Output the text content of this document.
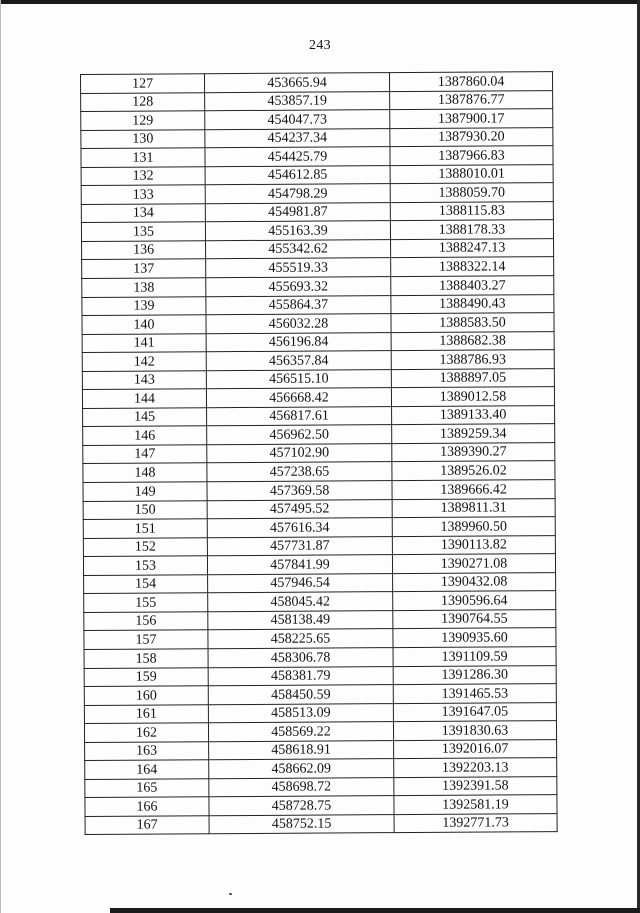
243
127	453665.94	1387860.04
128	453857.19	1387876.77
129	454047.73	1387900.17
130	454237.34	1387930.20
131	454425.79	1387966.83
132	454612.85	1388010.01
133	454798.29	1388059.70
134	454981.87	1388115.83
135	455163.39	1388178.33
136	455342.62	1388247.13
137	455519.33	1388322.14
138	455693.32	1388403.27
139	455864.37	1388490.43
140	456032.28	1388583.50
141	456196.84	1388682.38
142	456357.84	1388786.93
143	456515.10	1388897.05
144	456668.42	1389012.58
145	456817.61	1389133.40
146	456962.50	1389259.34
147	457102.90	1389390.27
148	457238.65	1389526.02
149	457369.58	1389666.42
150	457495.52	1389811.31
151	457616.34	1389960.50
152	457731.87	1390113.82
153	457841.99	1390271.08
154	457946.54	1390432.08
155	458045.42	1390596.64
156	458138.49	1390764.55
157	458225.65	1390935.60
158	458306.78	1391109.59
159	458381.79	1391286.30
160	458450.59	1391465.53
161	458513.09	1391647.05
162	458569.22	1391830.63
163	458618.91	1392016.07
164	458662.09	1392203.13
165	458698.72	1392391.58
166	458728.75	1392581.19
167	458752.15	1392771.73
